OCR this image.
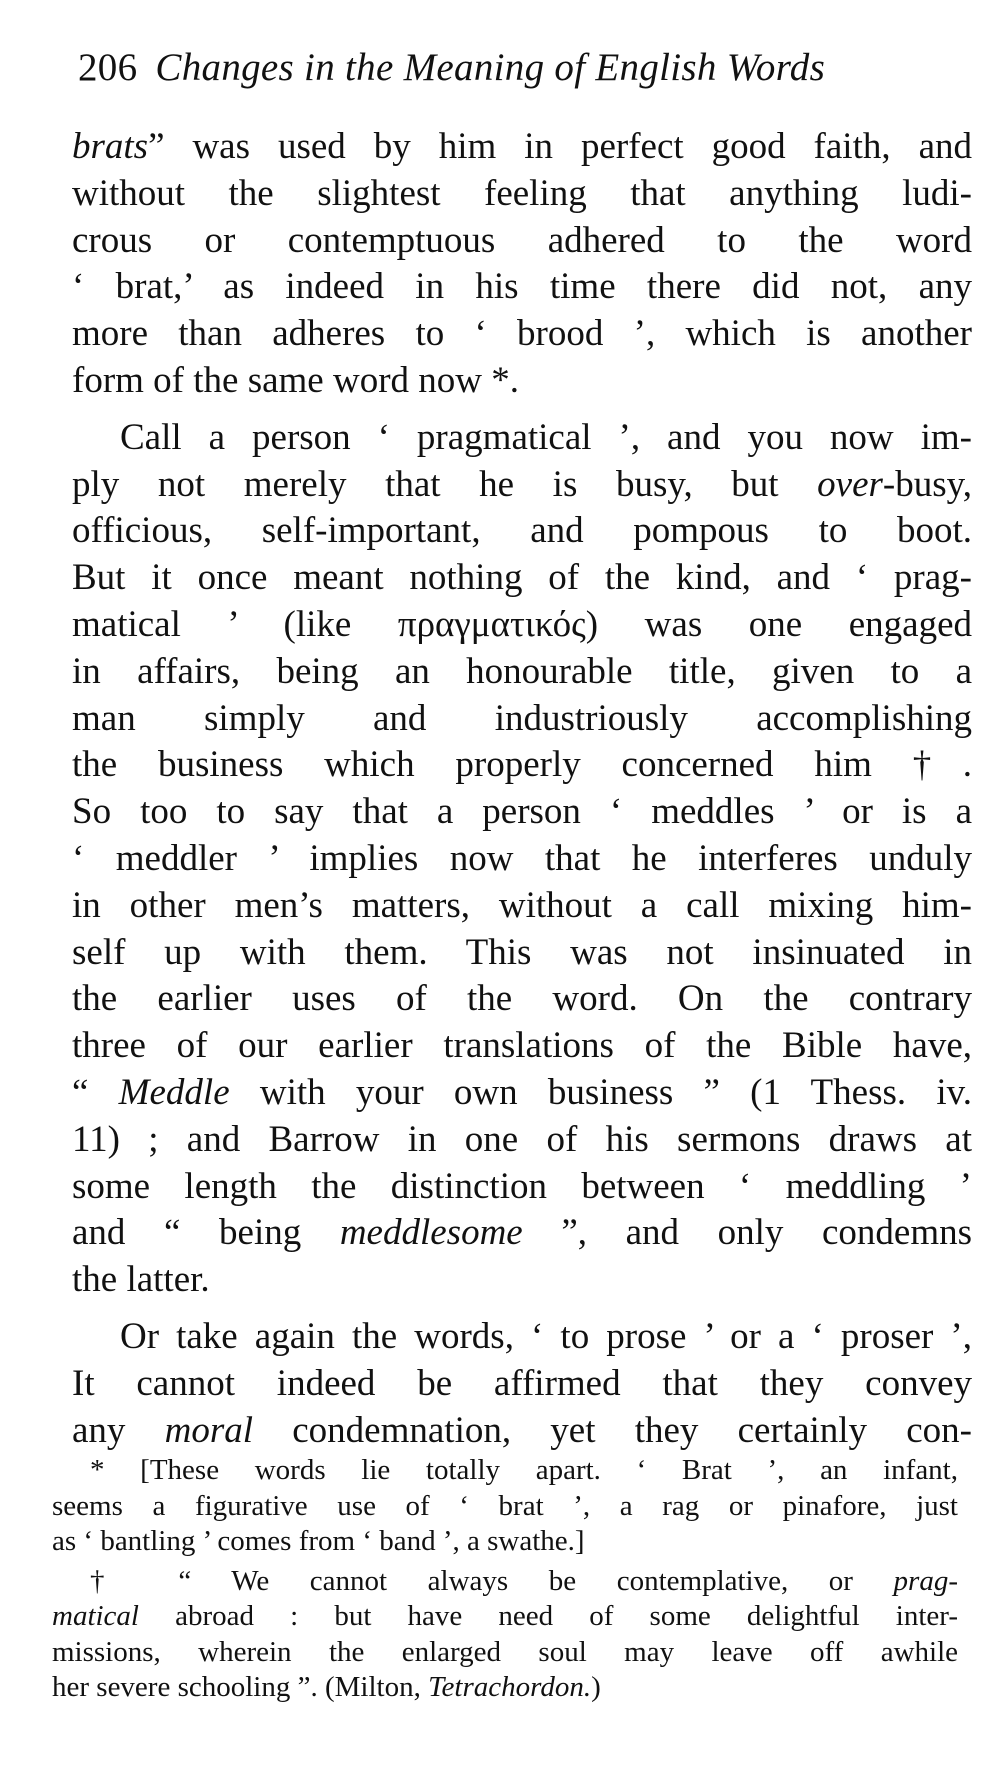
206 Changes in the Meaning of English Words
brats” was used by him in perfect good faith, and
without the slightest feeling that anything ludi-
crous or contemptuous adhered to the word
‘ brat,’ as indeed in his time there did not, any
more than adheres to ‘ brood ’, which is another
form of the same word now *.
Call a person ‘ pragmatical ’, and you now im-
ply not merely that he is busy, but over-busy,
officious, self-important, and pompous to boot.
But it once meant nothing of the kind, and ‘ prag-
matical ’ (like πραγματικός) was one engaged
in affairs, being an honourable title, given to a
man simply and industriously accomplishing
the business which properly concerned him †.
So too to say that a person ‘ meddles ’ or is a
‘ meddler ’ implies now that he interferes unduly
in other men’s matters, without a call mixing him-
self up with them. This was not insinuated in
the earlier uses of the word. On the contrary
three of our earlier translations of the Bible have,
“ Meddle with your own business ” (1 Thess. iv.
11) ; and Barrow in one of his sermons draws at
some length the distinction between ‘ meddling ’
and “ being meddlesome ”, and only condemns
the latter.
Or take again the words, ‘ to prose ’ or a ‘ proser ’,
It cannot indeed be affirmed that they convey
any moral condemnation, yet they certainly con-
* [These words lie totally apart. ‘ Brat ’, an infant,
seems a figurative use of ‘ brat ’, a rag or pinafore, just
as ‘ bantling ’ comes from ‘ band ’, a swathe.]
† “ We cannot always be contemplative, or prag-
matical abroad : but have need of some delightful inter-
missions, wherein the enlarged soul may leave off awhile
her severe schooling ”. (Milton, Tetrachordon.)
